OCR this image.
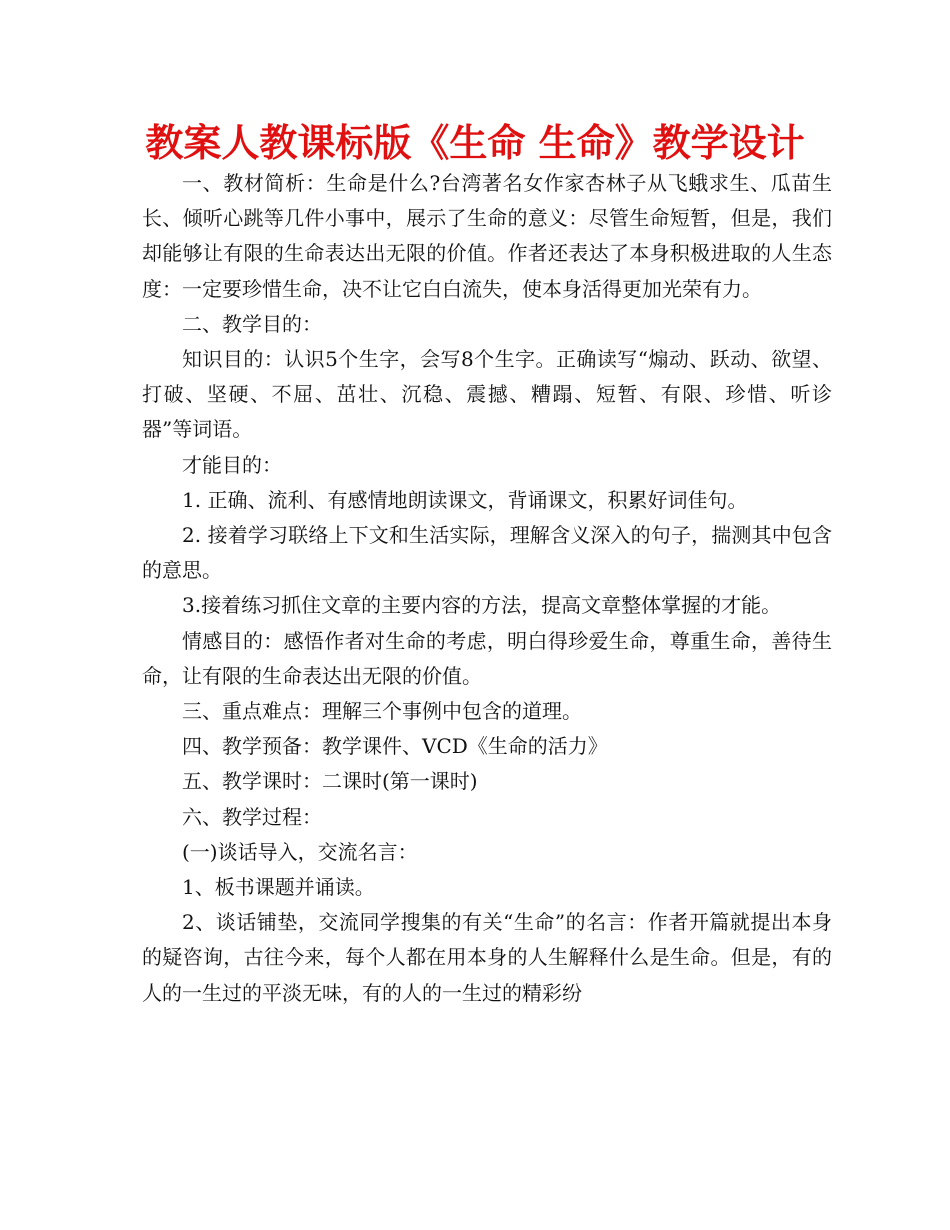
教案人教课标版《生命 生命》教学设计

一、教材简析：生命是什么?台湾著名女作家杏林子从飞蛾求生、瓜苗生长、倾听心跳等几件小事中，展示了生命的意义：尽管生命短暂，但是，我们却能够让有限的生命表达出无限的价值。作者还表达了本身积极进取的人生态度：一定要珍惜生命，决不让它白白流失，使本身活得更加光荣有力。

二、教学目的：

知识目的：认识5个生字，会写8个生字。正确读写“煽动、跃动、欲望、打破、坚硬、不屈、茁壮、沉稳、震撼、糟蹋、短暂、有限、珍惜、听诊器”等词语。

才能目的：

1. 正确、流利、有感情地朗读课文，背诵课文，积累好词佳句。

2. 接着学习联络上下文和生活实际，理解含义深入的句子，揣测其中包含的意思。

3.接着练习抓住文章的主要内容的方法，提高文章整体掌握的才能。

情感目的：感悟作者对生命的考虑，明白得珍爱生命，尊重生命，善待生命，让有限的生命表达出无限的价值。

三、重点难点：理解三个事例中包含的道理。

四、教学预备：教学课件、VCD《生命的活力》

五、教学课时：二课时(第一课时)

六、教学过程：

(一)谈话导入，交流名言：

1、板书课题并诵读。

2、谈话铺垫，交流同学搜集的有关“生命”的名言：作者开篇就提出本身的疑咨询，古往今来，每个人都在用本身的人生解释什么是生命。但是，有的人的一生过的平淡无味，有的人的一生过的精彩纷
